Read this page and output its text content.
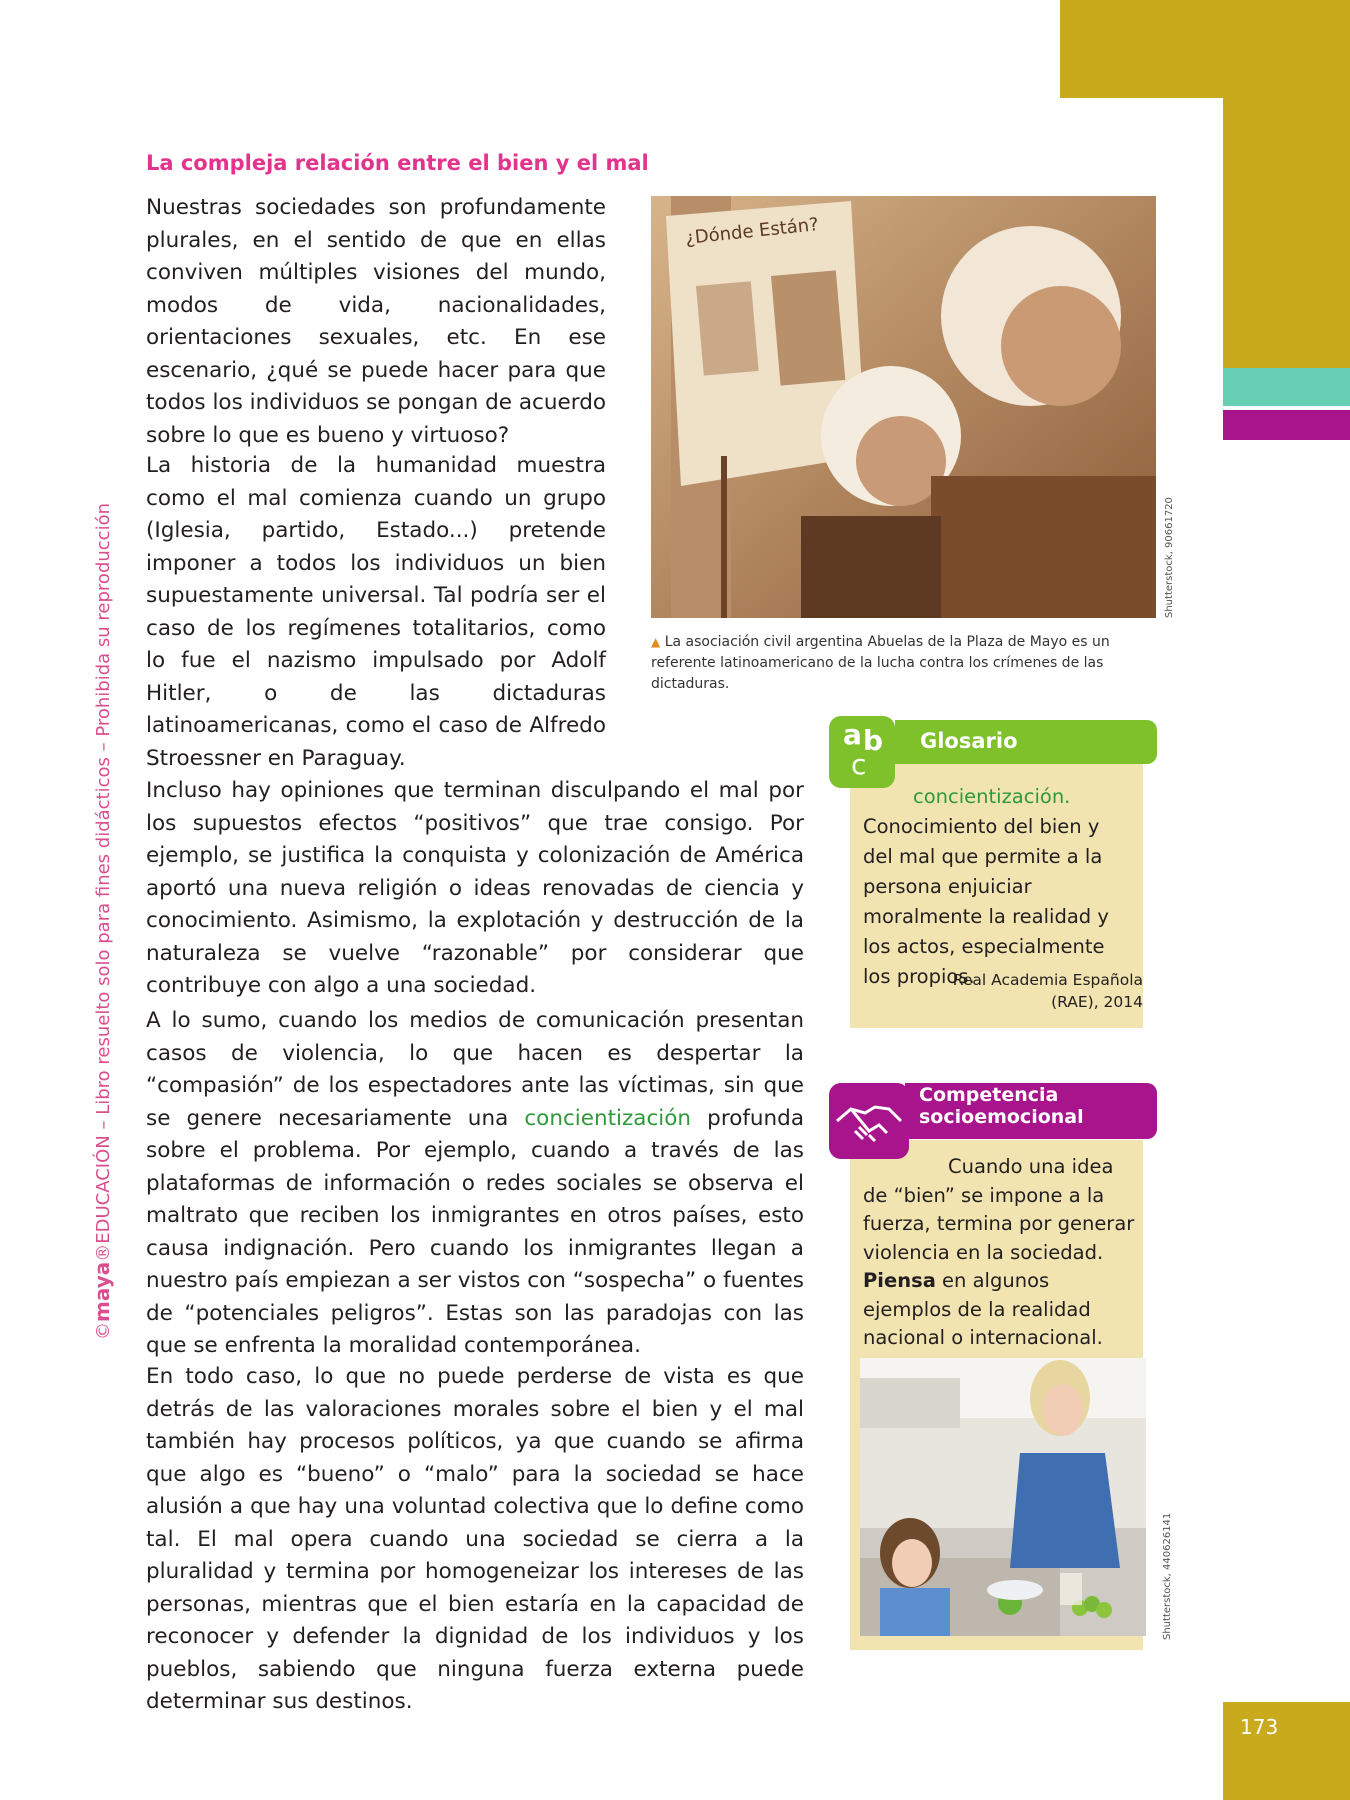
©maya®EDUCACIÓN – Libro resuelto solo para fines didácticos – Prohibida su reproducción
La compleja relación entre el bien y el mal

Nuestras sociedades son profundamente plurales, en el sentido de que en ellas conviven múltiples visiones del mundo, modos de vida, nacionalidades, orientaciones sexuales, etc. En ese escenario, ¿qué se puede hacer para que todos los individuos se pongan de acuerdo sobre lo que es bueno y virtuoso?

La historia de la humanidad muestra como el mal comienza cuando un grupo (Iglesia, partido, Estado...) pretende imponer a todos los individuos un bien supuestamente universal. Tal podría ser el caso de los regímenes totalitarios, como lo fue el nazismo impulsado por Adolf Hitler, o de las dictaduras latinoamericanas, como el caso de Alfredo Stroessner en Paraguay.

Incluso hay opiniones que terminan disculpando el mal por los supuestos efectos “positivos” que trae consigo. Por ejemplo, se justifica la conquista y colonización de América aportó una nueva religión o ideas renovadas de ciencia y conocimiento. Asimismo, la explotación y destrucción de la naturaleza se vuelve “razonable” por considerar que contribuye con algo a una sociedad.

A lo sumo, cuando los medios de comunicación presentan casos de violencia, lo que hacen es despertar la “compasión” de los espectadores ante las víctimas, sin que se genere necesariamente una concientización profunda sobre el problema. Por ejemplo, cuando a través de las plataformas de información o redes sociales se observa el maltrato que reciben los inmigrantes en otros países, esto causa indignación. Pero cuando los inmigrantes llegan a nuestro país empiezan a ser vistos con “sospecha” o fuentes de “potenciales peligros”. Estas son las paradojas con las que se enfrenta la moralidad contemporánea.

En todo caso, lo que no puede perderse de vista es que detrás de las valoraciones morales sobre el bien y el mal también hay procesos políticos, ya que cuando se afirma que algo es “bueno” o “malo” para la sociedad se hace alusión a que hay una voluntad colectiva que lo define como tal. El mal opera cuando una sociedad se cierra a la pluralidad y termina por homogeneizar los intereses de las personas, mientras que el bien estaría en la capacidad de reconocer y defender la dignidad de los individuos y los pueblos, sabiendo que ninguna fuerza externa puede determinar sus destinos.

¿Dónde Están?
Shutterstock, 90661720
▲ La asociación civil argentina Abuelas de la Plaza de Mayo es un referente latinoamericano de la lucha contra los crímenes de las dictaduras.
a b
c
Glosario
concientización. Conocimiento del bien y del mal que permite a la persona enjuiciar moralmente la realidad y los actos, especialmente los propios.
Real Academia Española
(RAE), 2014
Competencia
socioemocional
Cuando una idea de “bien” se impone a la fuerza, termina por generar violencia en la sociedad.
Piensa en algunos ejemplos de la realidad nacional o internacional.
Shutterstock, 440626141
173
